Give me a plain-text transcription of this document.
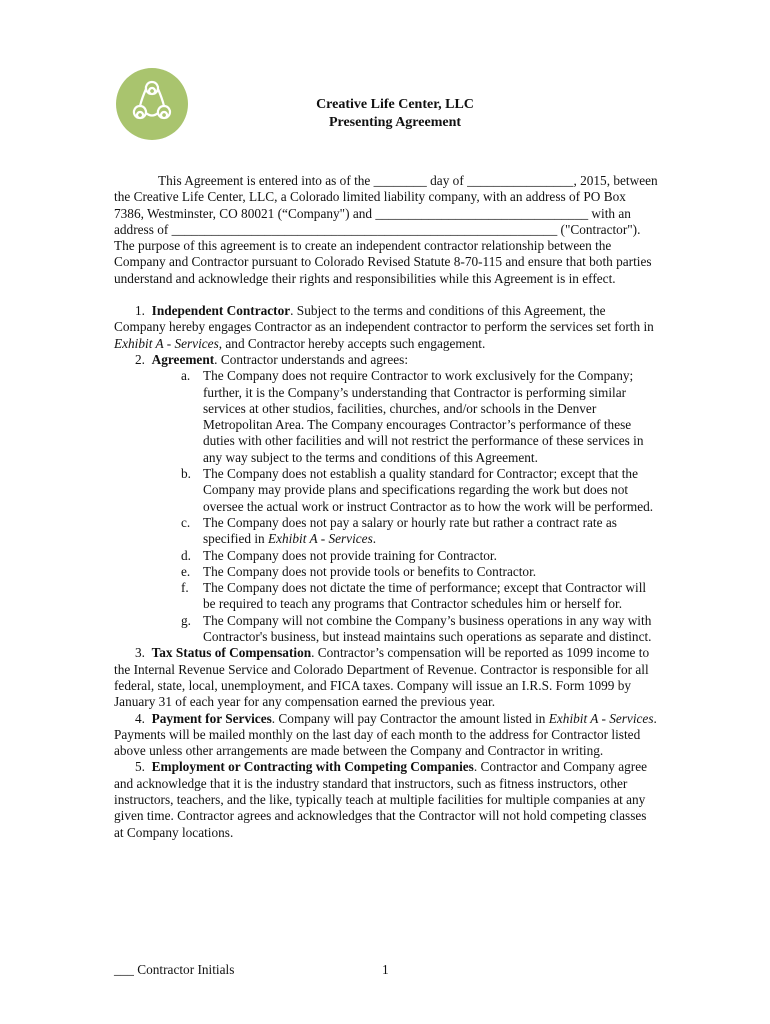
Creative Life Center, LLC
Presenting Agreement

This Agreement is entered into as of the ________ day of ________________, 2015, between the Creative Life Center, LLC, a Colorado limited liability company, with an address of PO Box 7386, Westminster, CO 80021 (“Company") and ________________________________ with an address of __________________________________________________________ ("Contractor"). The purpose of this agreement is to create an independent contractor relationship between the Company and Contractor pursuant to Colorado Revised Statute 8-70-115 and ensure that both parties understand and acknowledge their rights and responsibilities while this Agreement is in effect.

1. Independent Contractor. Subject to the terms and conditions of this Agreement, the Company hereby engages Contractor as an independent contractor to perform the services set forth in Exhibit A - Services, and Contractor hereby accepts such engagement.

2. Agreement. Contractor understands and agrees:

a. The Company does not require Contractor to work exclusively for the Company; further, it is the Company’s understanding that Contractor is performing similar services at other studios, facilities, churches, and/or schools in the Denver Metropolitan Area. The Company encourages Contractor’s performance of these duties with other facilities and will not restrict the performance of these services in any way subject to the terms and conditions of this Agreement.
b. The Company does not establish a quality standard for Contractor; except that the Company may provide plans and specifications regarding the work but does not oversee the actual work or instruct Contractor as to how the work will be performed.
c. The Company does not pay a salary or hourly rate but rather a contract rate as specified in Exhibit A - Services.
d. The Company does not provide training for Contractor.
e. The Company does not provide tools or benefits to Contractor.
f. The Company does not dictate the time of performance; except that Contractor will be required to teach any programs that Contractor schedules him or herself for.
g. The Company will not combine the Company’s business operations in any way with Contractor's business, but instead maintains such operations as separate and distinct.

3. Tax Status of Compensation. Contractor’s compensation will be reported as 1099 income to the Internal Revenue Service and Colorado Department of Revenue. Contractor is responsible for all federal, state, local, unemployment, and FICA taxes. Company will issue an I.R.S. Form 1099 by January 31 of each year for any compensation earned the previous year.

4. Payment for Services. Company will pay Contractor the amount listed in Exhibit A - Services. Payments will be mailed monthly on the last day of each month to the address for Contractor listed above unless other arrangements are made between the Company and Contractor in writing.

5. Employment or Contracting with Competing Companies. Contractor and Company agree and acknowledge that it is the industry standard that instructors, such as fitness instructors, other instructors, teachers, and the like, typically teach at multiple facilities for multiple companies at any given time. Contractor agrees and acknowledges that the Contractor will not hold competing classes at Company locations.

___ Contractor Initials	1
